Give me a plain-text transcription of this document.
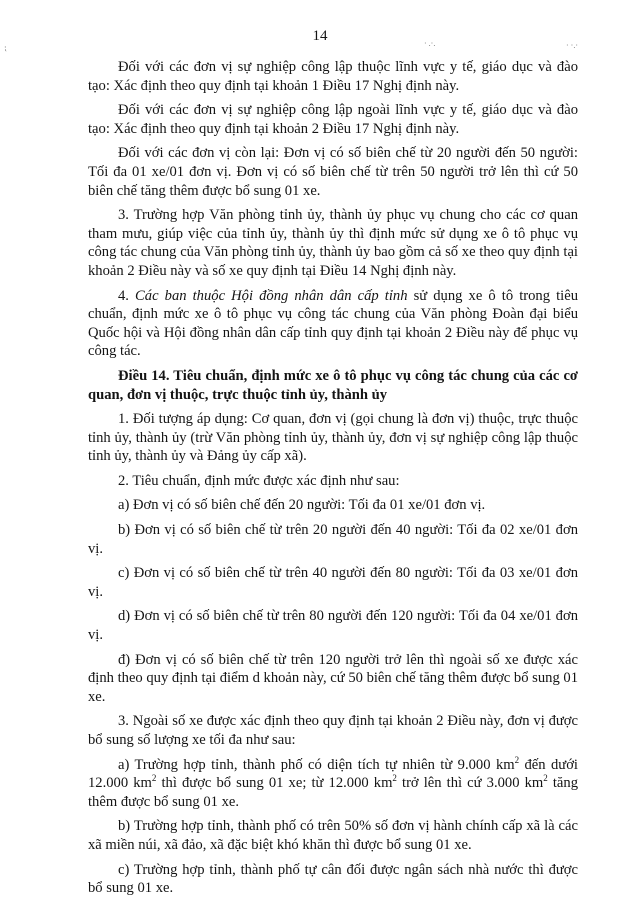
14
⁏	· .·.	· ·.·

Đối với các đơn vị sự nghiệp công lập thuộc lĩnh vực y tế, giáo dục và đào tạo: Xác định theo quy định tại khoản 1 Điều 17 Nghị định này.

Đối với các đơn vị sự nghiệp công lập ngoài lĩnh vực y tế, giáo dục và đào tạo: Xác định theo quy định tại khoản 2 Điều 17 Nghị định này.

Đối với các đơn vị còn lại: Đơn vị có số biên chế từ 20 người đến 50 người: Tối đa 01 xe/01 đơn vị. Đơn vị có số biên chế từ trên 50 người trở lên thì cứ 50 biên chế tăng thêm được bổ sung 01 xe.

3. Trường hợp Văn phòng tỉnh ủy, thành ủy phục vụ chung cho các cơ quan tham mưu, giúp việc của tỉnh ủy, thành ủy thì định mức sử dụng xe ô tô phục vụ công tác chung của Văn phòng tỉnh ủy, thành ủy bao gồm cả số xe theo quy định tại khoản 2 Điều này và số xe quy định tại Điều 14 Nghị định này.

4. Các ban thuộc Hội đồng nhân dân cấp tỉnh sử dụng xe ô tô trong tiêu chuẩn, định mức xe ô tô phục vụ công tác chung của Văn phòng Đoàn đại biểu Quốc hội và Hội đồng nhân dân cấp tỉnh quy định tại khoản 2 Điều này để phục vụ công tác.

Điều 14. Tiêu chuẩn, định mức xe ô tô phục vụ công tác chung của các cơ quan, đơn vị thuộc, trực thuộc tỉnh ủy, thành ủy

1. Đối tượng áp dụng: Cơ quan, đơn vị (gọi chung là đơn vị) thuộc, trực thuộc tỉnh ủy, thành ủy (trừ Văn phòng tỉnh ủy, thành ủy, đơn vị sự nghiệp công lập thuộc tỉnh ủy, thành ủy và Đảng ủy cấp xã).

2. Tiêu chuẩn, định mức được xác định như sau:

a) Đơn vị có số biên chế đến 20 người: Tối đa 01 xe/01 đơn vị.

b) Đơn vị có số biên chế từ trên 20 người đến 40 người: Tối đa 02 xe/01 đơn vị.

c) Đơn vị có số biên chế từ trên 40 người đến 80 người: Tối đa 03 xe/01 đơn vị.

d) Đơn vị có số biên chế từ trên 80 người đến 120 người: Tối đa 04 xe/01 đơn vị.

đ) Đơn vị có số biên chế từ trên 120 người trở lên thì ngoài số xe được xác định theo quy định tại điểm d khoản này, cứ 50 biên chế tăng thêm được bổ sung 01 xe.

3. Ngoài số xe được xác định theo quy định tại khoản 2 Điều này, đơn vị được bổ sung số lượng xe tối đa như sau:

a) Trường hợp tỉnh, thành phố có diện tích tự nhiên từ 9.000 $km^2$ đến dưới 12.000 $km^2$ thì được bổ sung 01 xe; từ 12.000 $km^2$ trở lên thì cứ 3.000 $km^2$ tăng thêm được bổ sung 01 xe.

b) Trường hợp tỉnh, thành phố có trên 50% số đơn vị hành chính cấp xã là các xã miền núi, xã đảo, xã đặc biệt khó khăn thì được bổ sung 01 xe.

c) Trường hợp tỉnh, thành phố tự cân đối được ngân sách nhà nước thì được bổ sung 01 xe.
